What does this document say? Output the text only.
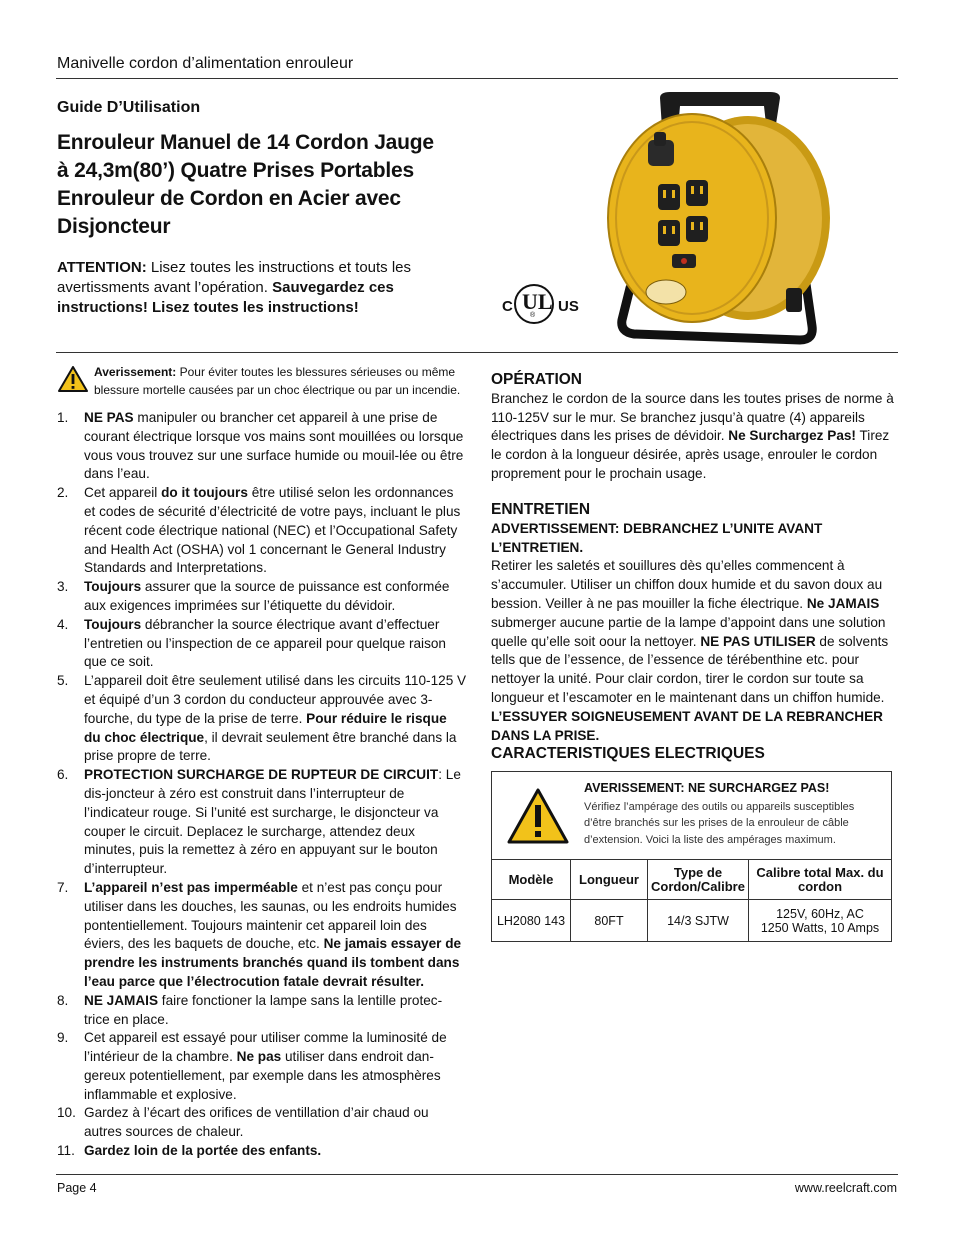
Manivelle cordon d’alimentation enrouleur
Guide D’Utilisation
Enrouleur Manuel de 14 Cordon Jauge
à 24,3m(80’) Quatre Prises Portables
Enrouleur de Cordon en Acier avec
Disjoncteur
ATTENTION: Lisez toutes les instructions et touts les avertissments avant l’opération. Sauvegardez ces instructions! Lisez toutes les instructions!	C UL
®
US
Averissement: Pour éviter toutes les blessures sérieuses ou même blessure mortelle causées par un choc électrique ou par un incendie.
1. NE PAS manipuler ou brancher cet appareil à une prise de courant électrique lorsque vos mains sont mouillées ou lorsque vous vous trouvez sur une surface humide ou mouil-lée ou être dans l’eau.
2. Cet appareil do it toujours être utilisé selon les ordonnances et codes de sécurité d’électricité de votre pays, incluant le plus récent code électrique national (NEC) et l’Occupational Safety and Health Act (OSHA) vol 1 concernant le General Industry Standards and Interpretations.
3. Toujours assurer que la source de puissance est conformée aux exigences imprimées sur l’étiquette du dévidoir.
4. Toujours débrancher la source électrique avant d’effectuer l’entretien ou l’inspection de ce appareil pour quelque raison que ce soit.
5. L’appareil doit être seulement utilisé dans les circuits 110-125 V et équipé d’un 3 cordon du conducteur approuvée avec 3-fourche, du type de la prise de terre. Pour réduire le risque du choc électrique, il devrait seulement être branché dans la prise propre de terre.
6. PROTECTION SURCHARGE DE RUPTEUR DE CIRCUIT: Le dis-joncteur à zéro est construit dans l’interrupteur de l’indicateur rouge. Si l’unité est surcharge, le disjoncteur va couper le circuit. Deplacez le surcharge, attendez deux minutes, puis la remettez à zéro en appuyant sur le bouton d’interrupteur.
7. L’appareil n’est pas imperméable et n’est pas conçu pour utiliser dans les douches, les saunas, ou les endroits humides pontentiellement. Toujours maintenir cet appareil loin des éviers, des les baquets de douche, etc. Ne jamais essayer de prendre les instruments branchés quand ils tombent dans l’eau parce que l’électrocution fatale devrait résulter.
8. NE JAMAIS faire fonctioner la lampe sans la lentille protec-trice en place.
9. Cet appareil est essayé pour utiliser comme la luminosité de l’intérieur de la chambre. Ne pas utiliser dans endroit dan-gereux potentiellement, par exemple dans les atmosphères inflammable et explosive.
10. Gardez à l’écart des orifices de ventillation d’air chaud ou autres sources de chaleur.
11. Gardez loin de la portée des enfants.
OPÉRATION
Branchez le cordon de la source dans les toutes prises de norme à 110-125V sur le mur. Se branchez jusqu’à quatre (4) appareils électriques dans les prises de dévidoir. Ne Surchargez Pas! Tirez le cordon à la longueur désirée, après usage, enrouler le cordon proprement pour le prochain usage.
ENNTRETIEN
ADVERTISSEMENT: DEBRANCHEZ L’UNITE AVANT L’ENTRETIEN.
Retirer les saletés et souillures dès qu’elles commencent à s’accumuler. Utiliser un chiffon doux humide et du savon doux au bession. Veiller à ne pas mouiller la fiche électrique. Ne JAMAIS submerger aucune partie de la lampe d’appoint dans une solution quelle qu’elle soit oour la nettoyer. NE PAS UTILISER de solvents tells que de l’essence, de l’essence de térébenthine etc. pour nettoyer la unité. Pour clair cordon, tirer le cordon sur toute sa longueur et l’escamoter en le maintenant dans un chiffon humide. L’ESSUYER SOIGNEUSEMENT AVANT DE LA REBRANCHER DANS LA PRISE.
CARACTERISTIQUES ELECTRIQUES
AVERISSEMENT: NE SURCHARGEZ PAS!
Vérifiez l’ampérage des outils ou appareils susceptibles d’être branchés sur les prises de la enrouleur de câble d’extension. Voici la liste des ampérages maximum.			

Modèle	Longueur	Type de Cordon/Calibre	Calibre total Max. du cordon
LH2080 143	80FT	14/3 SJTW	125V, 60Hz, AC
1250 Watts, 10 Amps
Page 4	www.reelcraft.com
